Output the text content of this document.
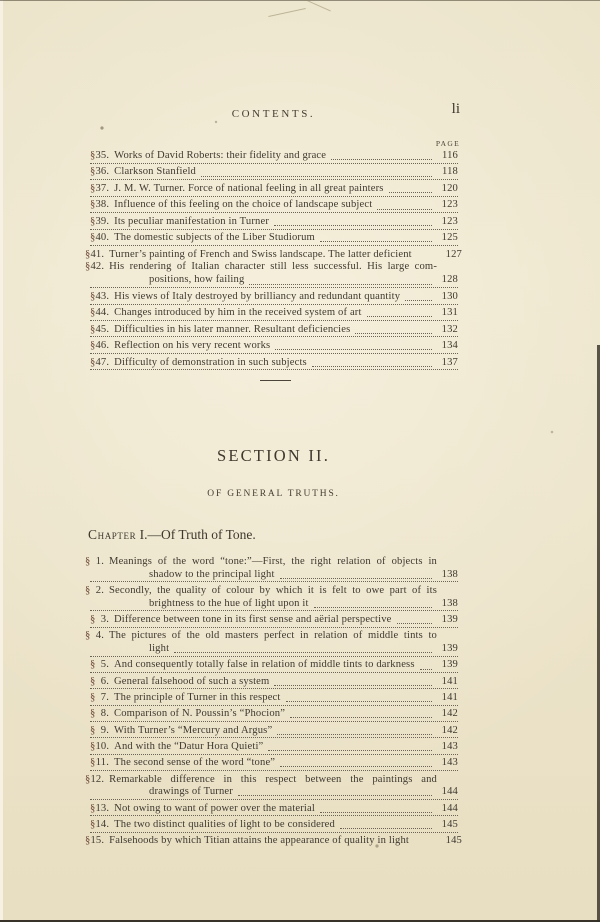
CONTENTS.	li
PAGE
§ 35. Works of David Roberts: their fidelity and grace	116
§ 36. Clarkson Stanfield	118
§ 37. J. M. W. Turner. Force of national feeling in all great painters	120
§ 38. Influence of this feeling on the choice of landscape subject	123
§ 39. Its peculiar manifestation in Turner	123
§ 40. The domestic subjects of the Liber Studiorum	125
§ 41. Turner’s painting of French and Swiss landscape. The latter deficient	127
§ 42. His rendering of Italian character still less successful. His large com-
positions, how failing	128
§ 43. His views of Italy destroyed by brilliancy and redundant quantity	130
§ 44. Changes introduced by him in the received system of art	131
§ 45. Difficulties in his later manner. Resultant deficiencies	132
§ 46. Reflection on his very recent works	134
§ 47. Difficulty of demonstration in such subjects	137
SECTION II.
OF GENERAL TRUTHS.
Chapter I.—Of Truth of Tone.
§ 1. Meanings of the word “tone:”—First, the right relation of objects in
shadow to the principal light	138
§ 2. Secondly, the quality of colour by which it is felt to owe part of its
brightness to the hue of light upon it	138
§ 3. Difference between tone in its first sense and aërial perspective	139
§ 4. The pictures of the old masters perfect in relation of middle tints to
light	139
§ 5. And consequently totally false in relation of middle tints to darkness	139
§ 6. General falsehood of such a system	141
§ 7. The principle of Turner in this respect	141
§ 8. Comparison of N. Poussin’s “Phocion”	142
§ 9. With Turner’s “Mercury and Argus”	142
§ 10. And with the “Datur Hora Quieti”	143
§ 11. The second sense of the word “tone”	143
§ 12. Remarkable difference in this respect between the paintings and
drawings of Turner	144
§ 13. Not owing to want of power over the material	144
§ 14. The two distinct qualities of light to be considered	145
§ 15. Falsehoods by which Titian attains the appearance of quality in light	145
